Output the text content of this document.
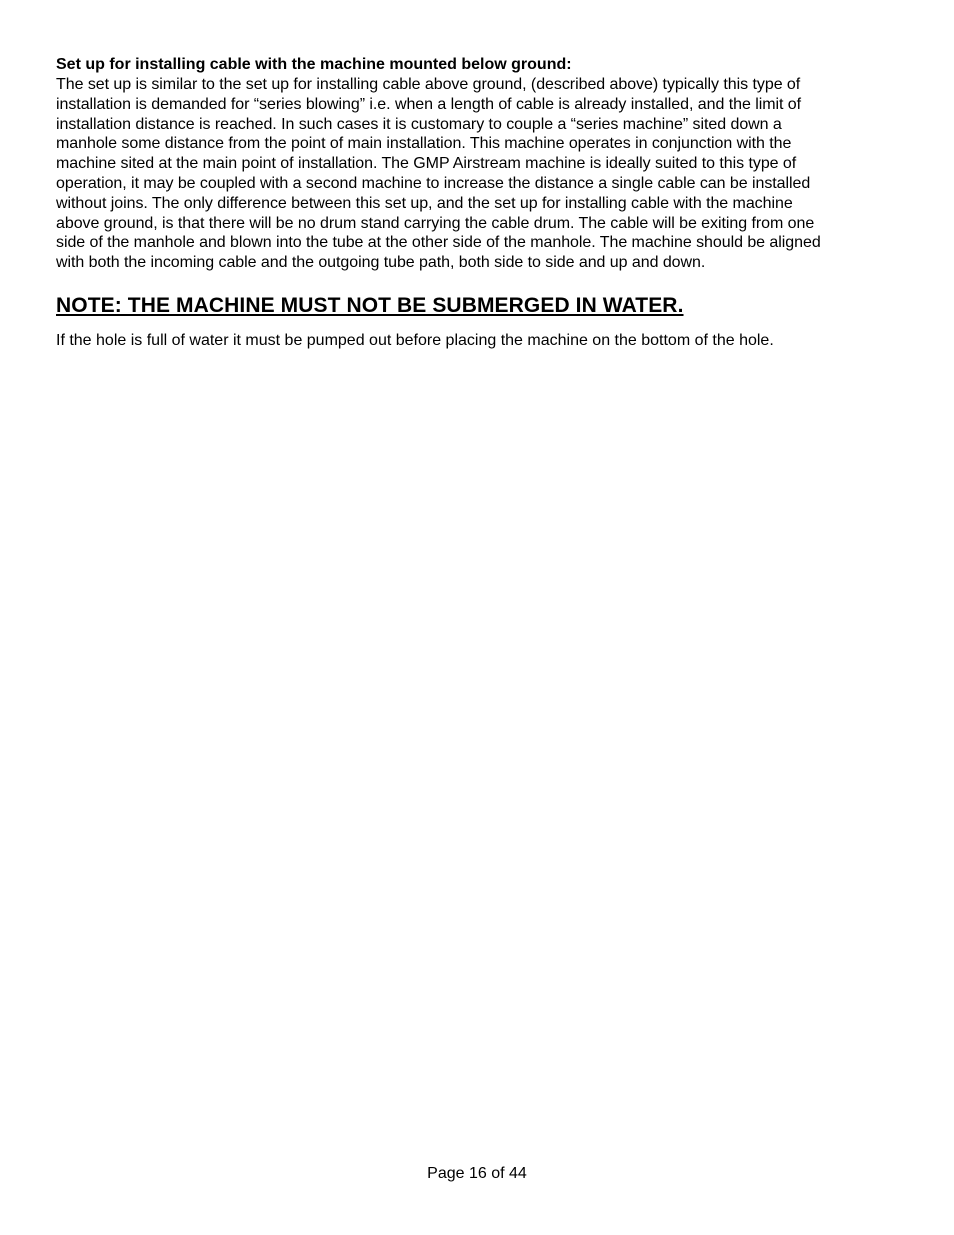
Set up for installing cable with the machine mounted below ground:

The set up is similar to the set up for installing cable above ground, (described above) typically this type of
installation is demanded for “series blowing” i.e. when a length of cable is already installed, and the limit of
installation distance is reached. In such cases it is customary to couple a “series machine” sited down a
manhole some distance from the point of main installation. This machine operates in conjunction with the
machine sited at the main point of installation. The GMP Airstream machine is ideally suited to this type of
operation, it may be coupled with a second machine to increase the distance a single cable can be installed
without joins. The only difference between this set up, and the set up for installing cable with the machine
above ground, is that there will be no drum stand carrying the cable drum. The cable will be exiting from one
side of the manhole and blown into the tube at the other side of the manhole. The machine should be aligned
with both the incoming cable and the outgoing tube path, both side to side and up and down.
NOTE: THE MACHINE MUST NOT BE SUBMERGED IN WATER.

If the hole is full of water it must be pumped out before placing the machine on the bottom of the hole.

Page 16 of 44
